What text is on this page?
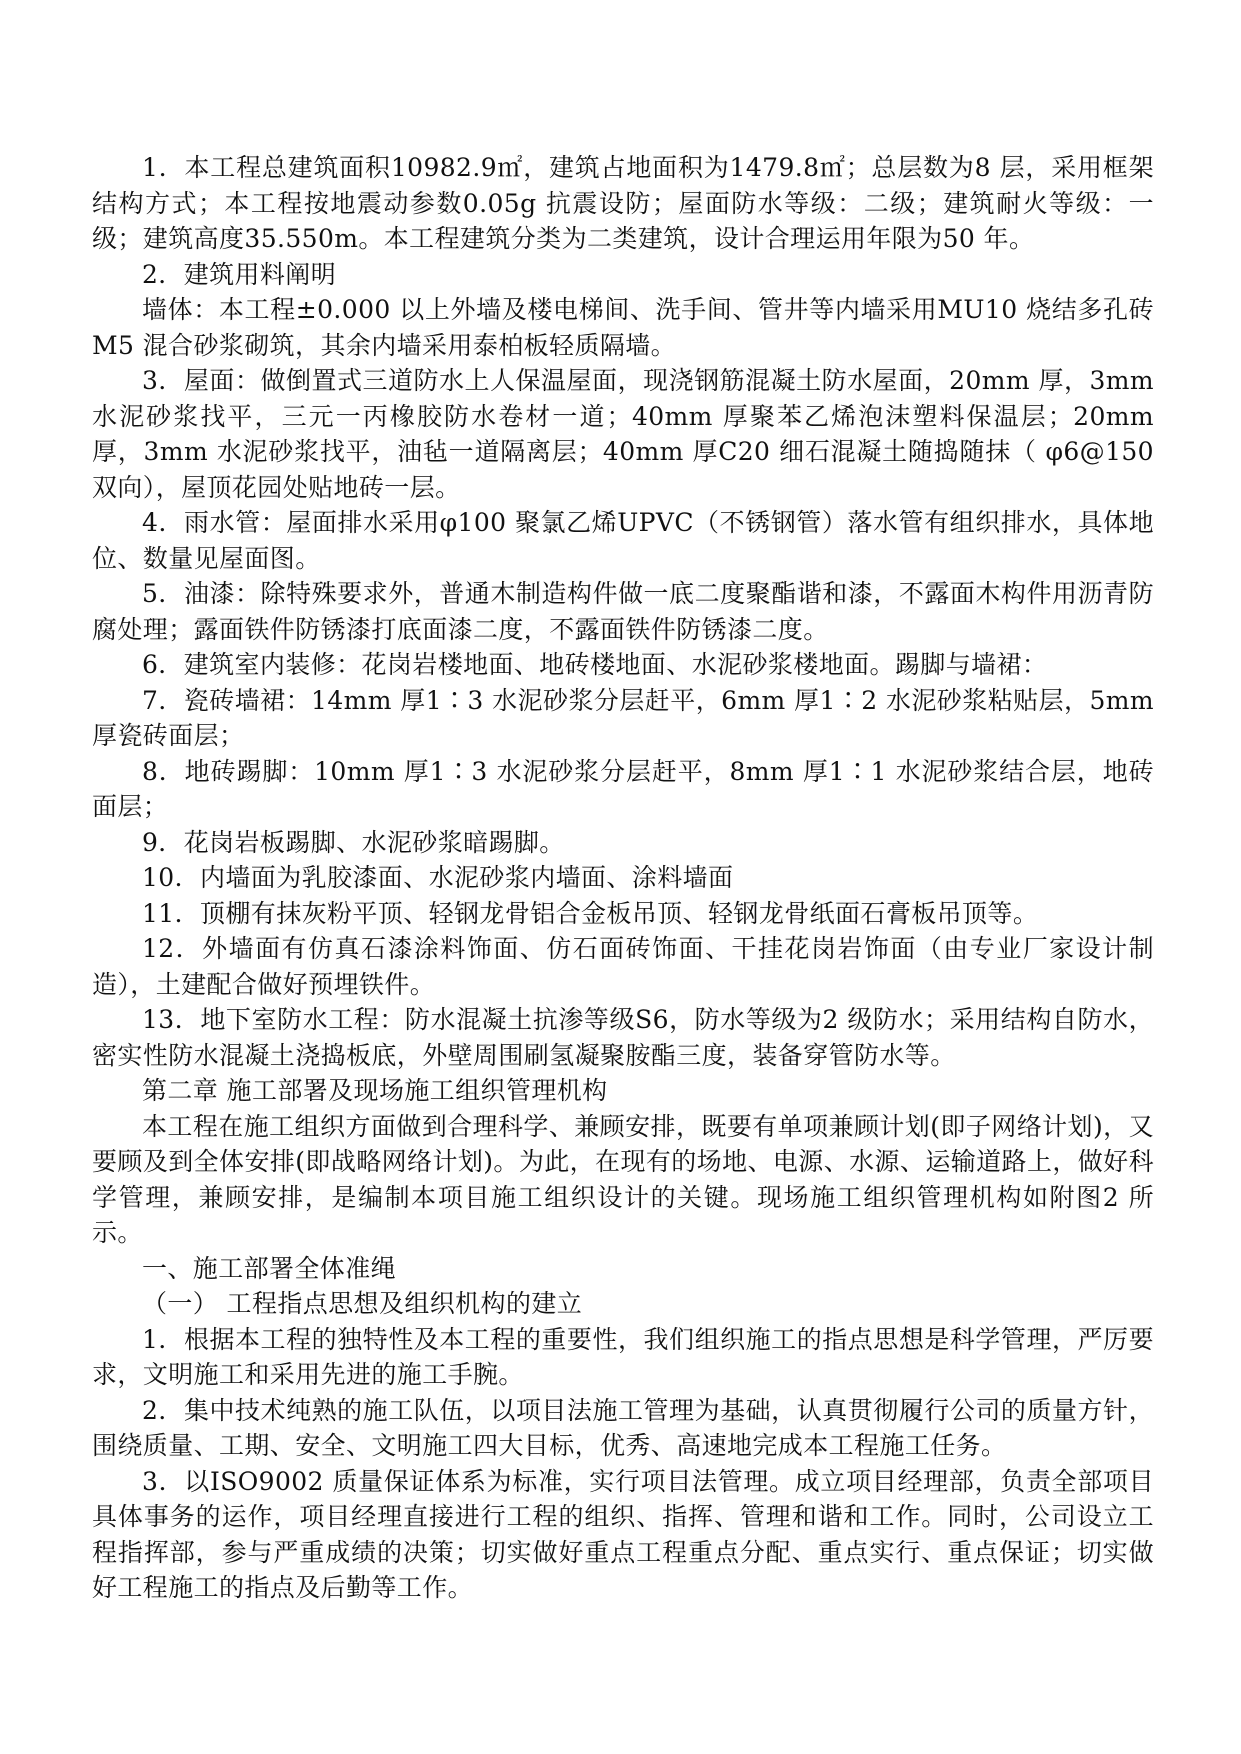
1．本工程总建筑面积10982.9㎡，建筑占地面积为1479.8㎡；总层数为8 层，采用框架结构方式；本工程按地震动参数0.05g 抗震设防；屋面防水等级：二级；建筑耐火等级：一级；建筑高度35.550m。本工程建筑分类为二类建筑，设计合理运用年限为50 年。

2．建筑用料阐明

墙体：本工程±0.000 以上外墙及楼电梯间、洗手间、管井等内墙采用MU10 烧结多孔砖M5 混合砂浆砌筑，其余内墙采用泰柏板轻质隔墙。

3．屋面：做倒置式三道防水上人保温屋面，现浇钢筋混凝土防水屋面，20mm 厚，3mm 水泥砂浆找平，三元一丙橡胶防水卷材一道；40mm 厚聚苯乙烯泡沫塑料保温层；20mm 厚，3mm 水泥砂浆找平，油毡一道隔离层；40mm 厚C20 细石混凝土随捣随抹（ φ6@150 双向），屋顶花园处贴地砖一层。

4．雨水管：屋面排水采用φ100 聚氯乙烯UPVC（不锈钢管）落水管有组织排水，具体地位、数量见屋面图。

5．油漆：除特殊要求外，普通木制造构件做一底二度聚酯谐和漆，不露面木构件用沥青防腐处理；露面铁件防锈漆打底面漆二度，不露面铁件防锈漆二度。

6．建筑室内装修：花岗岩楼地面、地砖楼地面、水泥砂浆楼地面。踢脚与墙裙：

7．瓷砖墙裙：14mm 厚1∶3 水泥砂浆分层赶平，6mm 厚1∶2 水泥砂浆粘贴层，5mm 厚瓷砖面层；

8．地砖踢脚：10mm 厚1∶3 水泥砂浆分层赶平，8mm 厚1∶1 水泥砂浆结合层，地砖面层；

9．花岗岩板踢脚、水泥砂浆暗踢脚。

10．内墙面为乳胶漆面、水泥砂浆内墙面、涂料墙面

11．顶棚有抹灰粉平顶、轻钢龙骨铝合金板吊顶、轻钢龙骨纸面石膏板吊顶等。

12．外墙面有仿真石漆涂料饰面、仿石面砖饰面、干挂花岗岩饰面（由专业厂家设计制造），土建配合做好预埋铁件。

13．地下室防水工程：防水混凝土抗渗等级S6，防水等级为2 级防水；采用结构自防水，密实性防水混凝土浇捣板底，外壁周围刷氢凝聚胺酯三度，装备穿管防水等。

第二章 施工部署及现场施工组织管理机构

本工程在施工组织方面做到合理科学、兼顾安排，既要有单项兼顾计划(即子网络计划)，又要顾及到全体安排(即战略网络计划)。为此，在现有的场地、电源、水源、运输道路上，做好科学管理，兼顾安排，是编制本项目施工组织设计的关键。现场施工组织管理机构如附图2 所示。

一、施工部署全体准绳

（一） 工程指点思想及组织机构的建立

1．根据本工程的独特性及本工程的重要性，我们组织施工的指点思想是科学管理，严厉要求，文明施工和采用先进的施工手腕。

2．集中技术纯熟的施工队伍，以项目法施工管理为基础，认真贯彻履行公司的质量方针，围绕质量、工期、安全、文明施工四大目标，优秀、高速地完成本工程施工任务。

3．以ISO9002 质量保证体系为标准，实行项目法管理。成立项目经理部，负责全部项目具体事务的运作，项目经理直接进行工程的组织、指挥、管理和谐和工作。同时，公司设立工程指挥部，参与严重成绩的决策；切实做好重点工程重点分配、重点实行、重点保证；切实做好工程施工的指点及后勤等工作。
